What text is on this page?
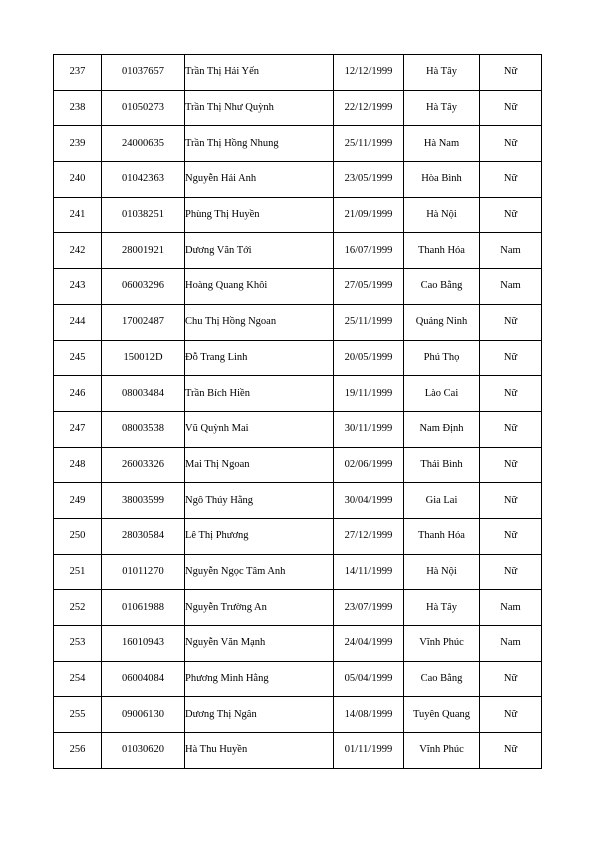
237	01037657	Trần Thị Hải Yến	12/12/1999	Hà Tây	Nữ
238	01050273	Trần Thị Như Quỳnh	22/12/1999	Hà Tây	Nữ
239	24000635	Trần Thị Hồng Nhung	25/11/1999	Hà Nam	Nữ
240	01042363	Nguyễn Hải Anh	23/05/1999	Hòa Bình	Nữ
241	01038251	Phùng Thị Huyền	21/09/1999	Hà Nội	Nữ
242	28001921	Dương Văn Tới	16/07/1999	Thanh Hóa	Nam
243	06003296	Hoàng Quang Khôi	27/05/1999	Cao Bằng	Nam
244	17002487	Chu Thị Hồng Ngoan	25/11/1999	Quảng Ninh	Nữ
245	150012D	Đỗ Trang Linh	20/05/1999	Phú Thọ	Nữ
246	08003484	Trần Bích Hiền	19/11/1999	Lào Cai	Nữ
247	08003538	Vũ Quỳnh Mai	30/11/1999	Nam Định	Nữ
248	26003326	Mai Thị Ngoan	02/06/1999	Thái Bình	Nữ
249	38003599	Ngô Thúy Hằng	30/04/1999	Gia Lai	Nữ
250	28030584	Lê Thị Phương	27/12/1999	Thanh Hóa	Nữ
251	01011270	Nguyễn Ngọc Tâm Anh	14/11/1999	Hà Nội	Nữ
252	01061988	Nguyễn Trường An	23/07/1999	Hà Tây	Nam
253	16010943	Nguyễn Văn Mạnh	24/04/1999	Vĩnh Phúc	Nam
254	06004084	Phương Minh Hằng	05/04/1999	Cao Bằng	Nữ
255	09006130	Dương Thị Ngân	14/08/1999	Tuyên Quang	Nữ
256	01030620	Hà Thu Huyền	01/11/1999	Vĩnh Phúc	Nữ
